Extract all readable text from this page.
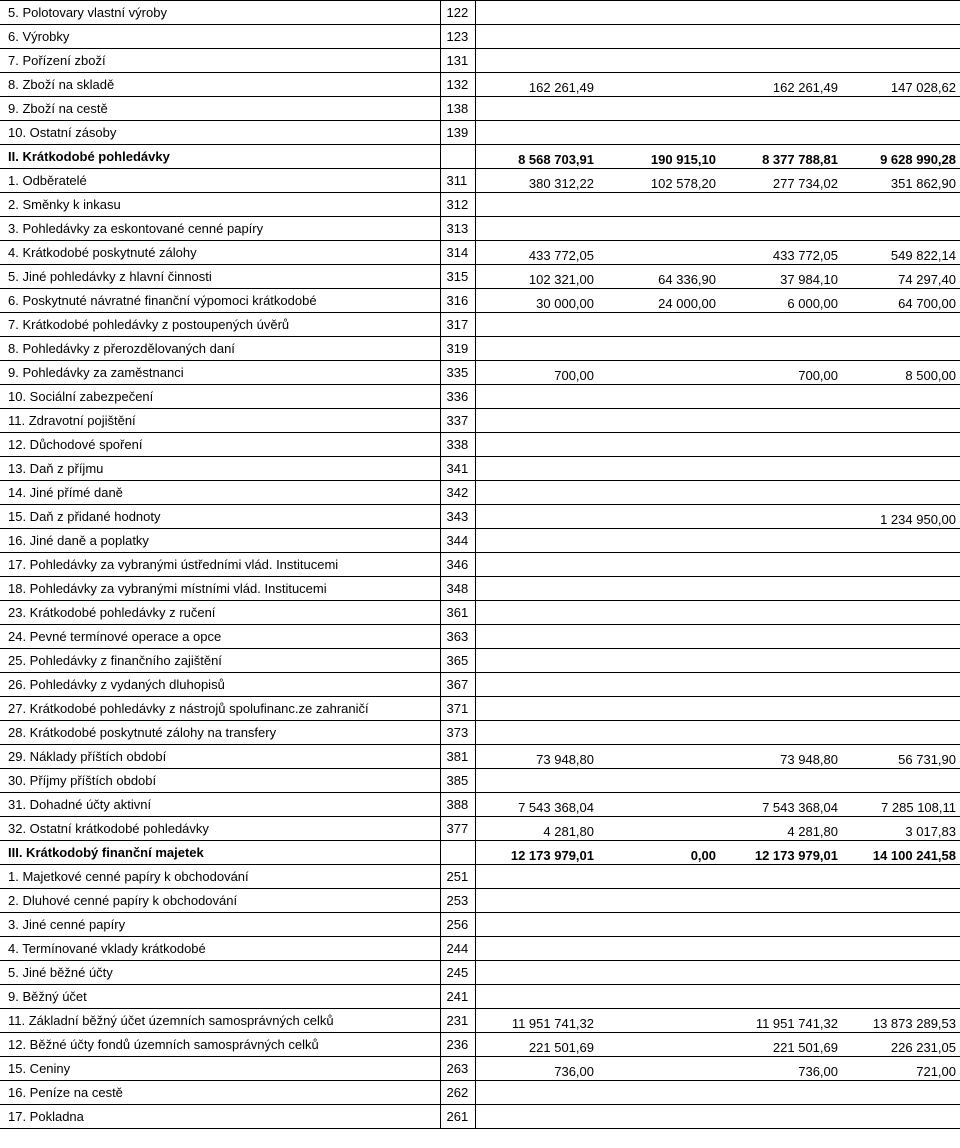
5. Polotovary vlastní výroby	122				
6. Výrobky	123				
7. Pořízení zboží	131				
8. Zboží na skladě	132	162 261,49		162 261,49	147 028,62
9. Zboží na cestě	138				
10. Ostatní zásoby	139				
II. Krátkodobé pohledávky		8 568 703,91	190 915,10	8 377 788,81	9 628 990,28
1. Odběratelé	311	380 312,22	102 578,20	277 734,02	351 862,90
2. Směnky k inkasu	312				
3. Pohledávky za eskontované cenné papíry	313				
4. Krátkodobé poskytnuté zálohy	314	433 772,05		433 772,05	549 822,14
5. Jiné pohledávky z hlavní činnosti	315	102 321,00	64 336,90	37 984,10	74 297,40
6. Poskytnuté návratné finanční výpomoci krátkodobé	316	30 000,00	24 000,00	6 000,00	64 700,00
7. Krátkodobé pohledávky z postoupených úvěrů	317				
8. Pohledávky z přerozdělovaných daní	319				
9. Pohledávky za zaměstnanci	335	700,00		700,00	8 500,00
10. Sociální zabezpečení	336				
11. Zdravotní pojištění	337				
12. Důchodové spoření	338				
13. Daň z příjmu	341				
14. Jiné přímé daně	342				
15. Daň z přidané hodnoty	343				1 234 950,00
16. Jiné daně a poplatky	344				
17. Pohledávky za vybranými ústředními vlád. Institucemi	346				
18. Pohledávky za vybranými místními vlád. Institucemi	348				
23. Krátkodobé pohledávky z ručení	361				
24. Pevné termínové operace a opce	363				
25. Pohledávky z finančního zajištění	365				
26. Pohledávky z vydaných dluhopisů	367				
27. Krátkodobé pohledávky z nástrojů spolufinanc.ze zahraničí	371				
28. Krátkodobé poskytnuté zálohy na transfery	373				
29. Náklady příštích období	381	73 948,80		73 948,80	56 731,90
30. Příjmy příštích období	385				
31. Dohadné účty aktivní	388	7 543 368,04		7 543 368,04	7 285 108,11
32. Ostatní krátkodobé pohledávky	377	4 281,80		4 281,80	3 017,83
III. Krátkodobý finanční majetek		12 173 979,01	0,00	12 173 979,01	14 100 241,58
1. Majetkové cenné papíry k obchodování	251				
2. Dluhové cenné papíry k obchodování	253				
3. Jiné cenné papíry	256				
4. Termínované vklady krátkodobé	244				
5. Jiné běžné účty	245				
9. Běžný účet	241				
11. Základní běžný účet územních samosprávných celků	231	11 951 741,32		11 951 741,32	13 873 289,53
12. Běžné účty fondů územních samosprávných celků	236	221 501,69		221 501,69	226 231,05
15. Ceniny	263	736,00		736,00	721,00
16. Peníze na cestě	262				
17. Pokladna	261				
